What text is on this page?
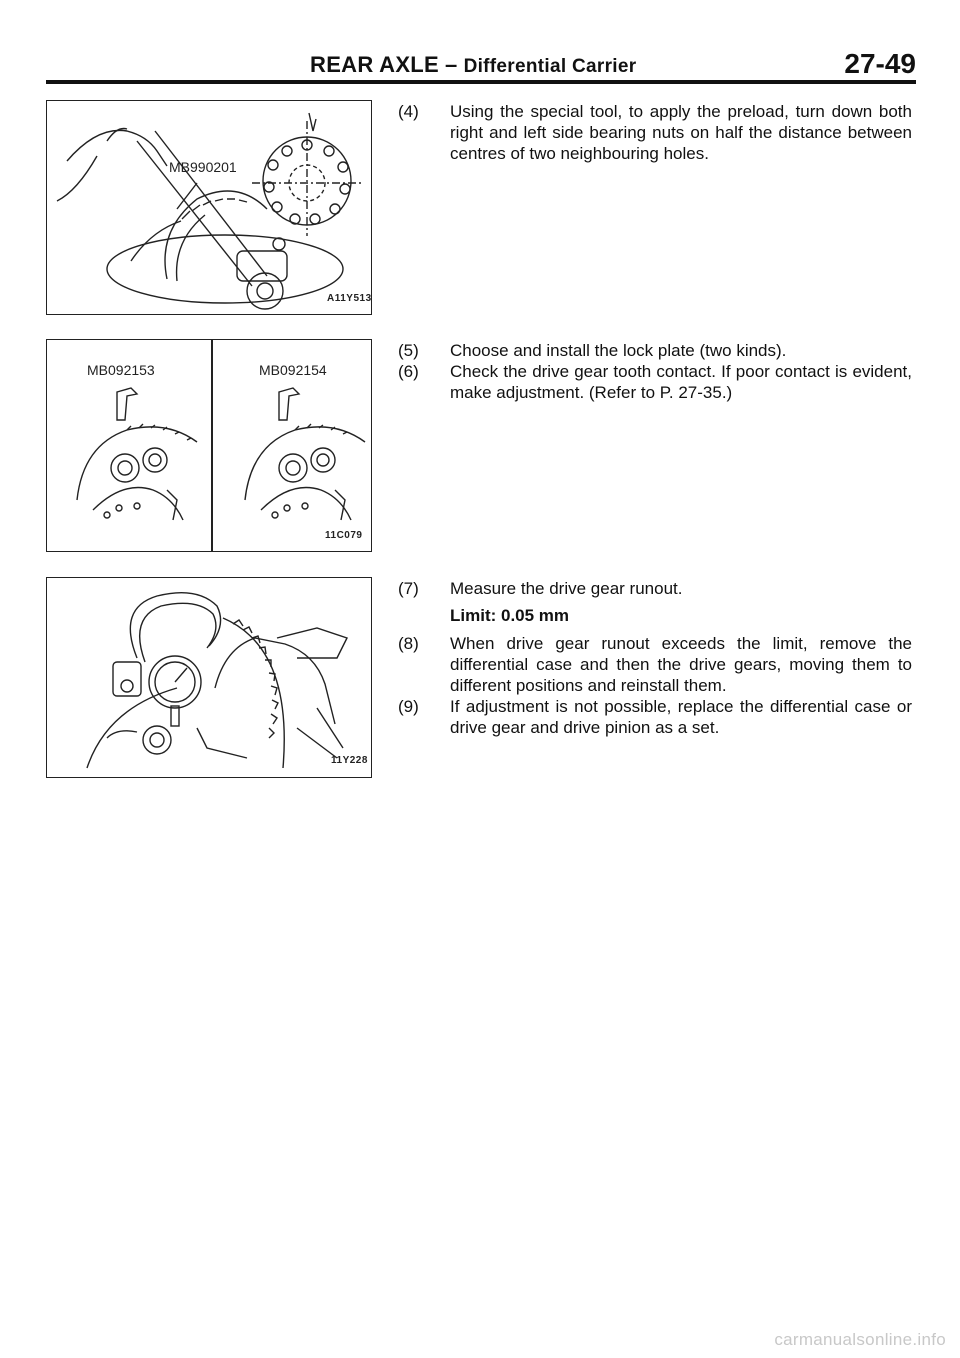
REAR AXLE – Differential Carrier	27-49
MB990201
A11Y513
MB092153	MB092154
11C079
11Y228
(4) Using the special tool, to apply the preload, turn down both right and left side bearing nuts on half the distance between centres of two neighbouring holes.
(5) Choose and install the lock plate (two kinds).
(6) Check the drive gear tooth contact. If poor contact is evident, make adjustment. (Refer to P. 27-35.)
(7) Measure the drive gear runout.
Limit: 0.05 mm
(8) When drive gear runout exceeds the limit, remove the differential case and then the drive gears, moving them to different positions and reinstall them.
(9) If adjustment is not possible, replace the differential case or drive gear and drive pinion as a set.
carmanualsonline.info
